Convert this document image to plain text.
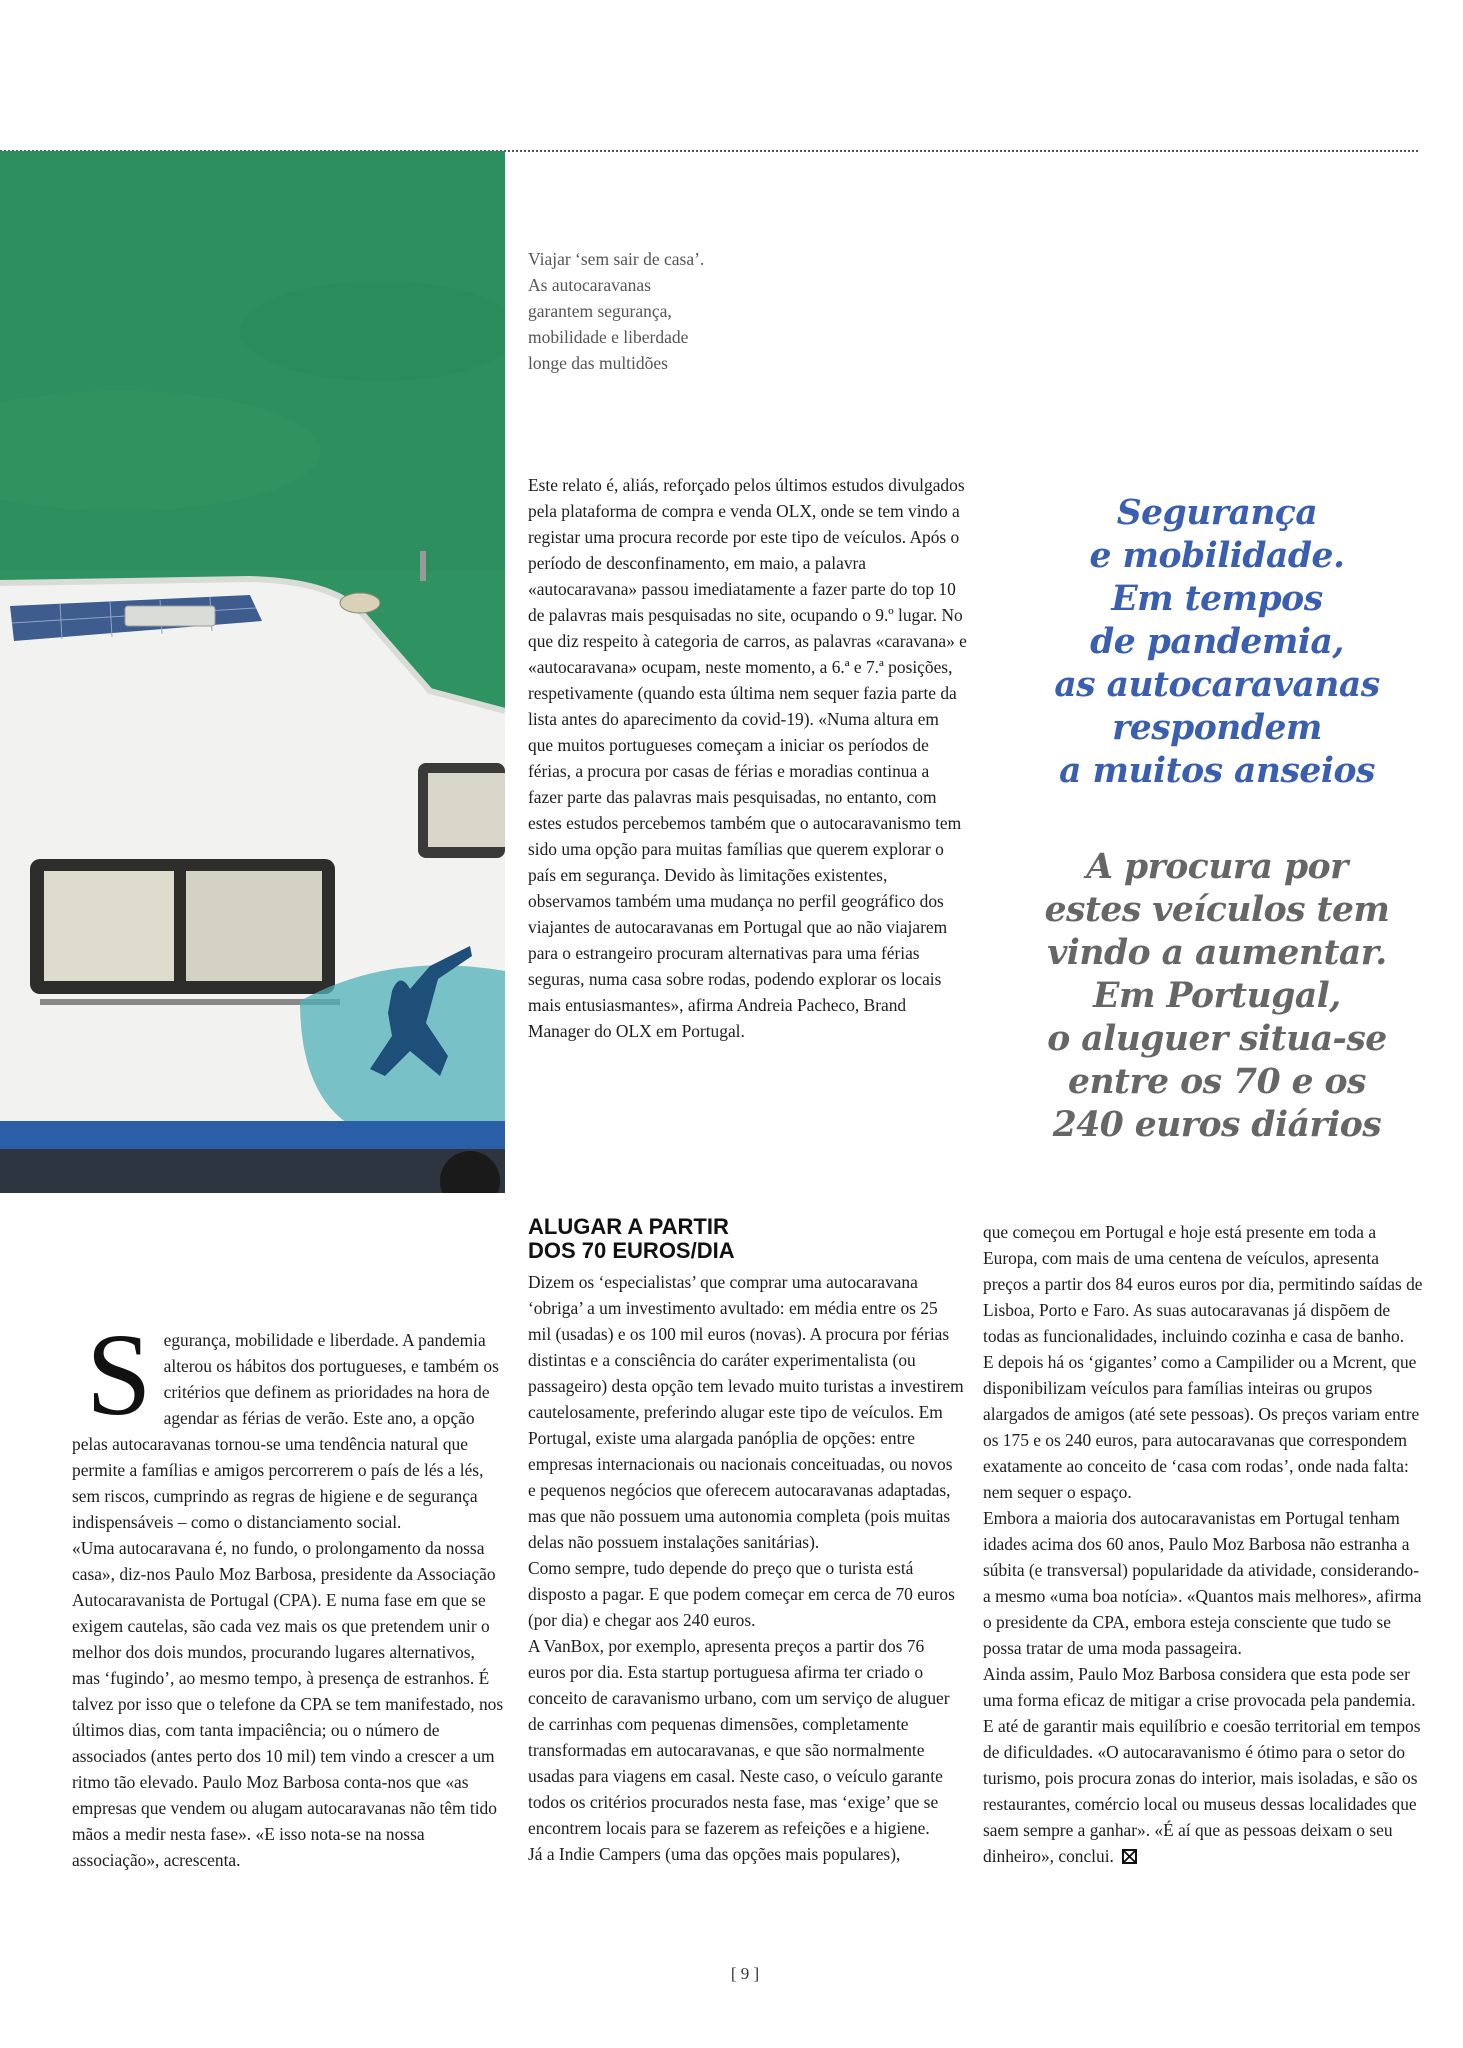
Viajar ‘sem sair de casa’.
As autocaravanas
garantem segurança,
mobilidade e liberdade
longe das multidões

Este relato é, aliás, reforçado pelos últimos estudos divulgados pela plataforma de compra e venda OLX, onde se tem vindo a registar uma procura recorde por este tipo de veículos. Após o período de desconfinamento, em maio, a palavra «autocaravana» passou imediatamente a fazer parte do top 10 de palavras mais pesquisadas no site, ocupando o 9.º lugar. No que diz respeito à categoria de carros, as palavras «caravana» e «autocaravana» ocupam, neste momento, a 6.ª e 7.ª posições, respetivamente (quando esta última nem sequer fazia parte da lista antes do aparecimento da covid-19). «Numa altura em que muitos portugueses começam a iniciar os períodos de férias, a procura por casas de férias e moradias continua a fazer parte das palavras mais pesquisadas, no entanto, com estes estudos percebemos também que o autocaravanismo tem sido uma opção para muitas famílias que querem explorar o país em segurança. Devido às limitações existentes, observamos também uma mudança no perfil geográfico dos viajantes de autocaravanas em Portugal que ao não viajarem para o estrangeiro procuram alternativas para uma férias seguras, numa casa sobre rodas, podendo explorar os locais mais entusiasmantes», afirma Andreia Pacheco, Brand Manager do OLX em Portugal.

Segurança
e mobilidade.
Em tempos
de pandemia,
as autocaravanas
respondem
a muitos anseios
A procura por
estes veículos tem
vindo a aumentar.
Em Portugal,
o aluguer situa-se
entre os 70 e os
240 euros diários

Segurança, mobilidade e liberdade. A pandemia alterou os hábitos dos portugueses, e também os critérios que definem as prioridades na hora de agendar as férias de verão. Este ano, a opção pelas autocaravanas tornou-se uma tendência natural que permite a famílias e amigos percorrerem o país de lés a lés, sem riscos, cumprindo as regras de higiene e de segurança indispensáveis – como o distanciamento social.

«Uma autocaravana é, no fundo, o prolongamento da nossa casa», diz-nos Paulo Moz Barbosa, presidente da Associação Autocaravanista de Portugal (CPA). E numa fase em que se exigem cautelas, são cada vez mais os que pretendem unir o melhor dos dois mundos, procurando lugares alternativos, mas ‘fugindo’, ao mesmo tempo, à presença de estranhos. É talvez por isso que o telefone da CPA se tem manifestado, nos últimos dias, com tanta impaciência; ou o número de associados (antes perto dos 10 mil) tem vindo a crescer a um ritmo tão elevado. Paulo Moz Barbosa conta-nos que «as empresas que vendem ou alugam autocaravanas não têm tido mãos a medir nesta fase». «E isso nota-se na nossa associação», acrescenta.

ALUGAR A PARTIR
DOS 70 EUROS/DIA

Dizem os ‘especialistas’ que comprar uma autocaravana ‘obriga’ a um investimento avultado: em média entre os 25 mil (usadas) e os 100 mil euros (novas). A procura por férias distintas e a consciência do caráter experimentalista (ou passageiro) desta opção tem levado muito turistas a investirem cautelosamente, preferindo alugar este tipo de veículos. Em Portugal, existe uma alargada panóplia de opções: entre empresas internacionais ou nacionais conceituadas, ou novos e pequenos negócios que oferecem autocaravanas adaptadas, mas que não possuem uma autonomia completa (pois muitas delas não possuem instalações sanitárias).

Como sempre, tudo depende do preço que o turista está disposto a pagar. E que podem começar em cerca de 70 euros (por dia) e chegar aos 240 euros.

A VanBox, por exemplo, apresenta preços a partir dos 76 euros por dia. Esta startup portuguesa afirma ter criado o conceito de caravanismo urbano, com um serviço de aluguer de carrinhas com pequenas dimensões, completamente transformadas em autocaravanas, e que são normalmente usadas para viagens em casal. Neste caso, o veículo garante todos os critérios procurados nesta fase, mas ‘exige’ que se encontrem locais para se fazerem as refeições e a higiene.

Já a Indie Campers (uma das opções mais populares),

que começou em Portugal e hoje está presente em toda a Europa, com mais de uma centena de veículos, apresenta preços a partir dos 84 euros euros por dia, permitindo saídas de Lisboa, Porto e Faro. As suas autocaravanas já dispõem de todas as funcionalidades, incluindo cozinha e casa de banho.

E depois há os ‘gigantes’ como a Campilider ou a Mcrent, que disponibilizam veículos para famílias inteiras ou grupos alargados de amigos (até sete pessoas). Os preços variam entre os 175 e os 240 euros, para autocaravanas que correspondem exatamente ao conceito de ‘casa com rodas’, onde nada falta: nem sequer o espaço.

Embora a maioria dos autocaravanistas em Portugal tenham idades acima dos 60 anos, Paulo Moz Barbosa não estranha a súbita (e transversal) popularidade da atividade, considerando-a mesmo «uma boa notícia». «Quantos mais melhores», afirma o presidente da CPA, embora esteja consciente que tudo se possa tratar de uma moda passageira.

Ainda assim, Paulo Moz Barbosa considera que esta pode ser uma forma eficaz de mitigar a crise provocada pela pandemia. E até de garantir mais equilíbrio e coesão territorial em tempos de dificuldades. «O autocaravanismo é ótimo para o setor do turismo, pois procura zonas do interior, mais isoladas, e são os restaurantes, comércio local ou museus dessas localidades que saem sempre a ganhar». «É aí que as pessoas deixam o seu dinheiro», conclui.

[ 9 ]
